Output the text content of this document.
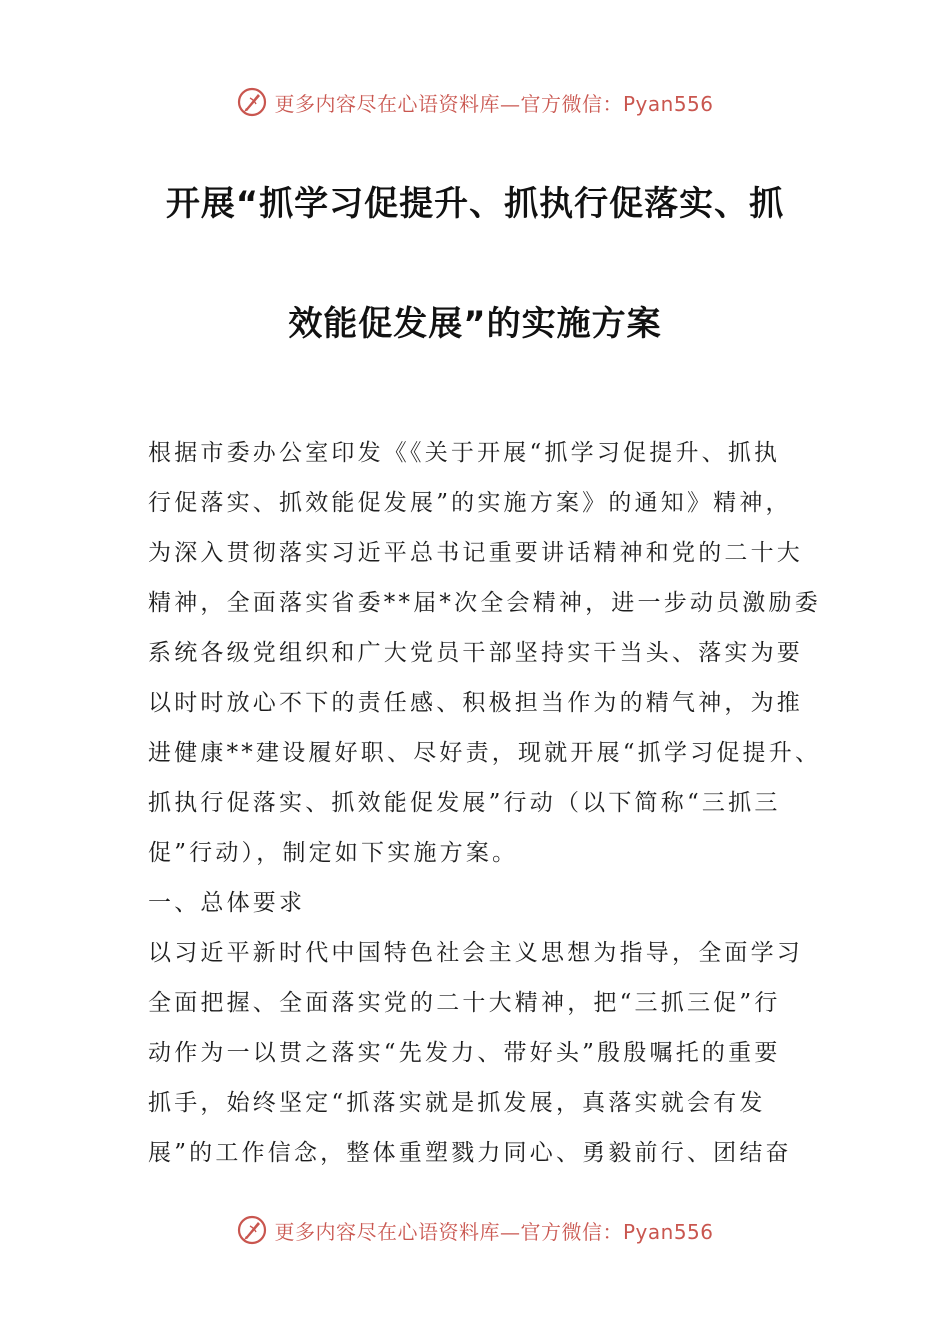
更多内容尽在心语资料库—官方微信：Pyan556
开展“抓学习促提升、抓执行促落实、抓
效能促发展”的实施方案
根据市委办公室印发《《关于开展“抓学习促提升、抓执
行促落实、抓效能促发展”的实施方案》的通知》精神，
为深入贯彻落实习近平总书记重要讲话精神和党的二十大
精神，全面落实省委**届*次全会精神，进一步动员激励委
系统各级党组织和广大党员干部坚持实干当头、落实为要
以时时放心不下的责任感、积极担当作为的精气神，为推
进健康**建设履好职、尽好责，现就开展“抓学习促提升、
抓执行促落实、抓效能促发展”行动（以下简称“三抓三
促”行动），制定如下实施方案。
一、总体要求
以习近平新时代中国特色社会主义思想为指导，全面学习
全面把握、全面落实党的二十大精神，把“三抓三促”行
动作为一以贯之落实“先发力、带好头”殷殷嘱托的重要
抓手，始终坚定“抓落实就是抓发展，真落实就会有发
展”的工作信念，整体重塑戮力同心、勇毅前行、团结奋
更多内容尽在心语资料库—官方微信：Pyan556
